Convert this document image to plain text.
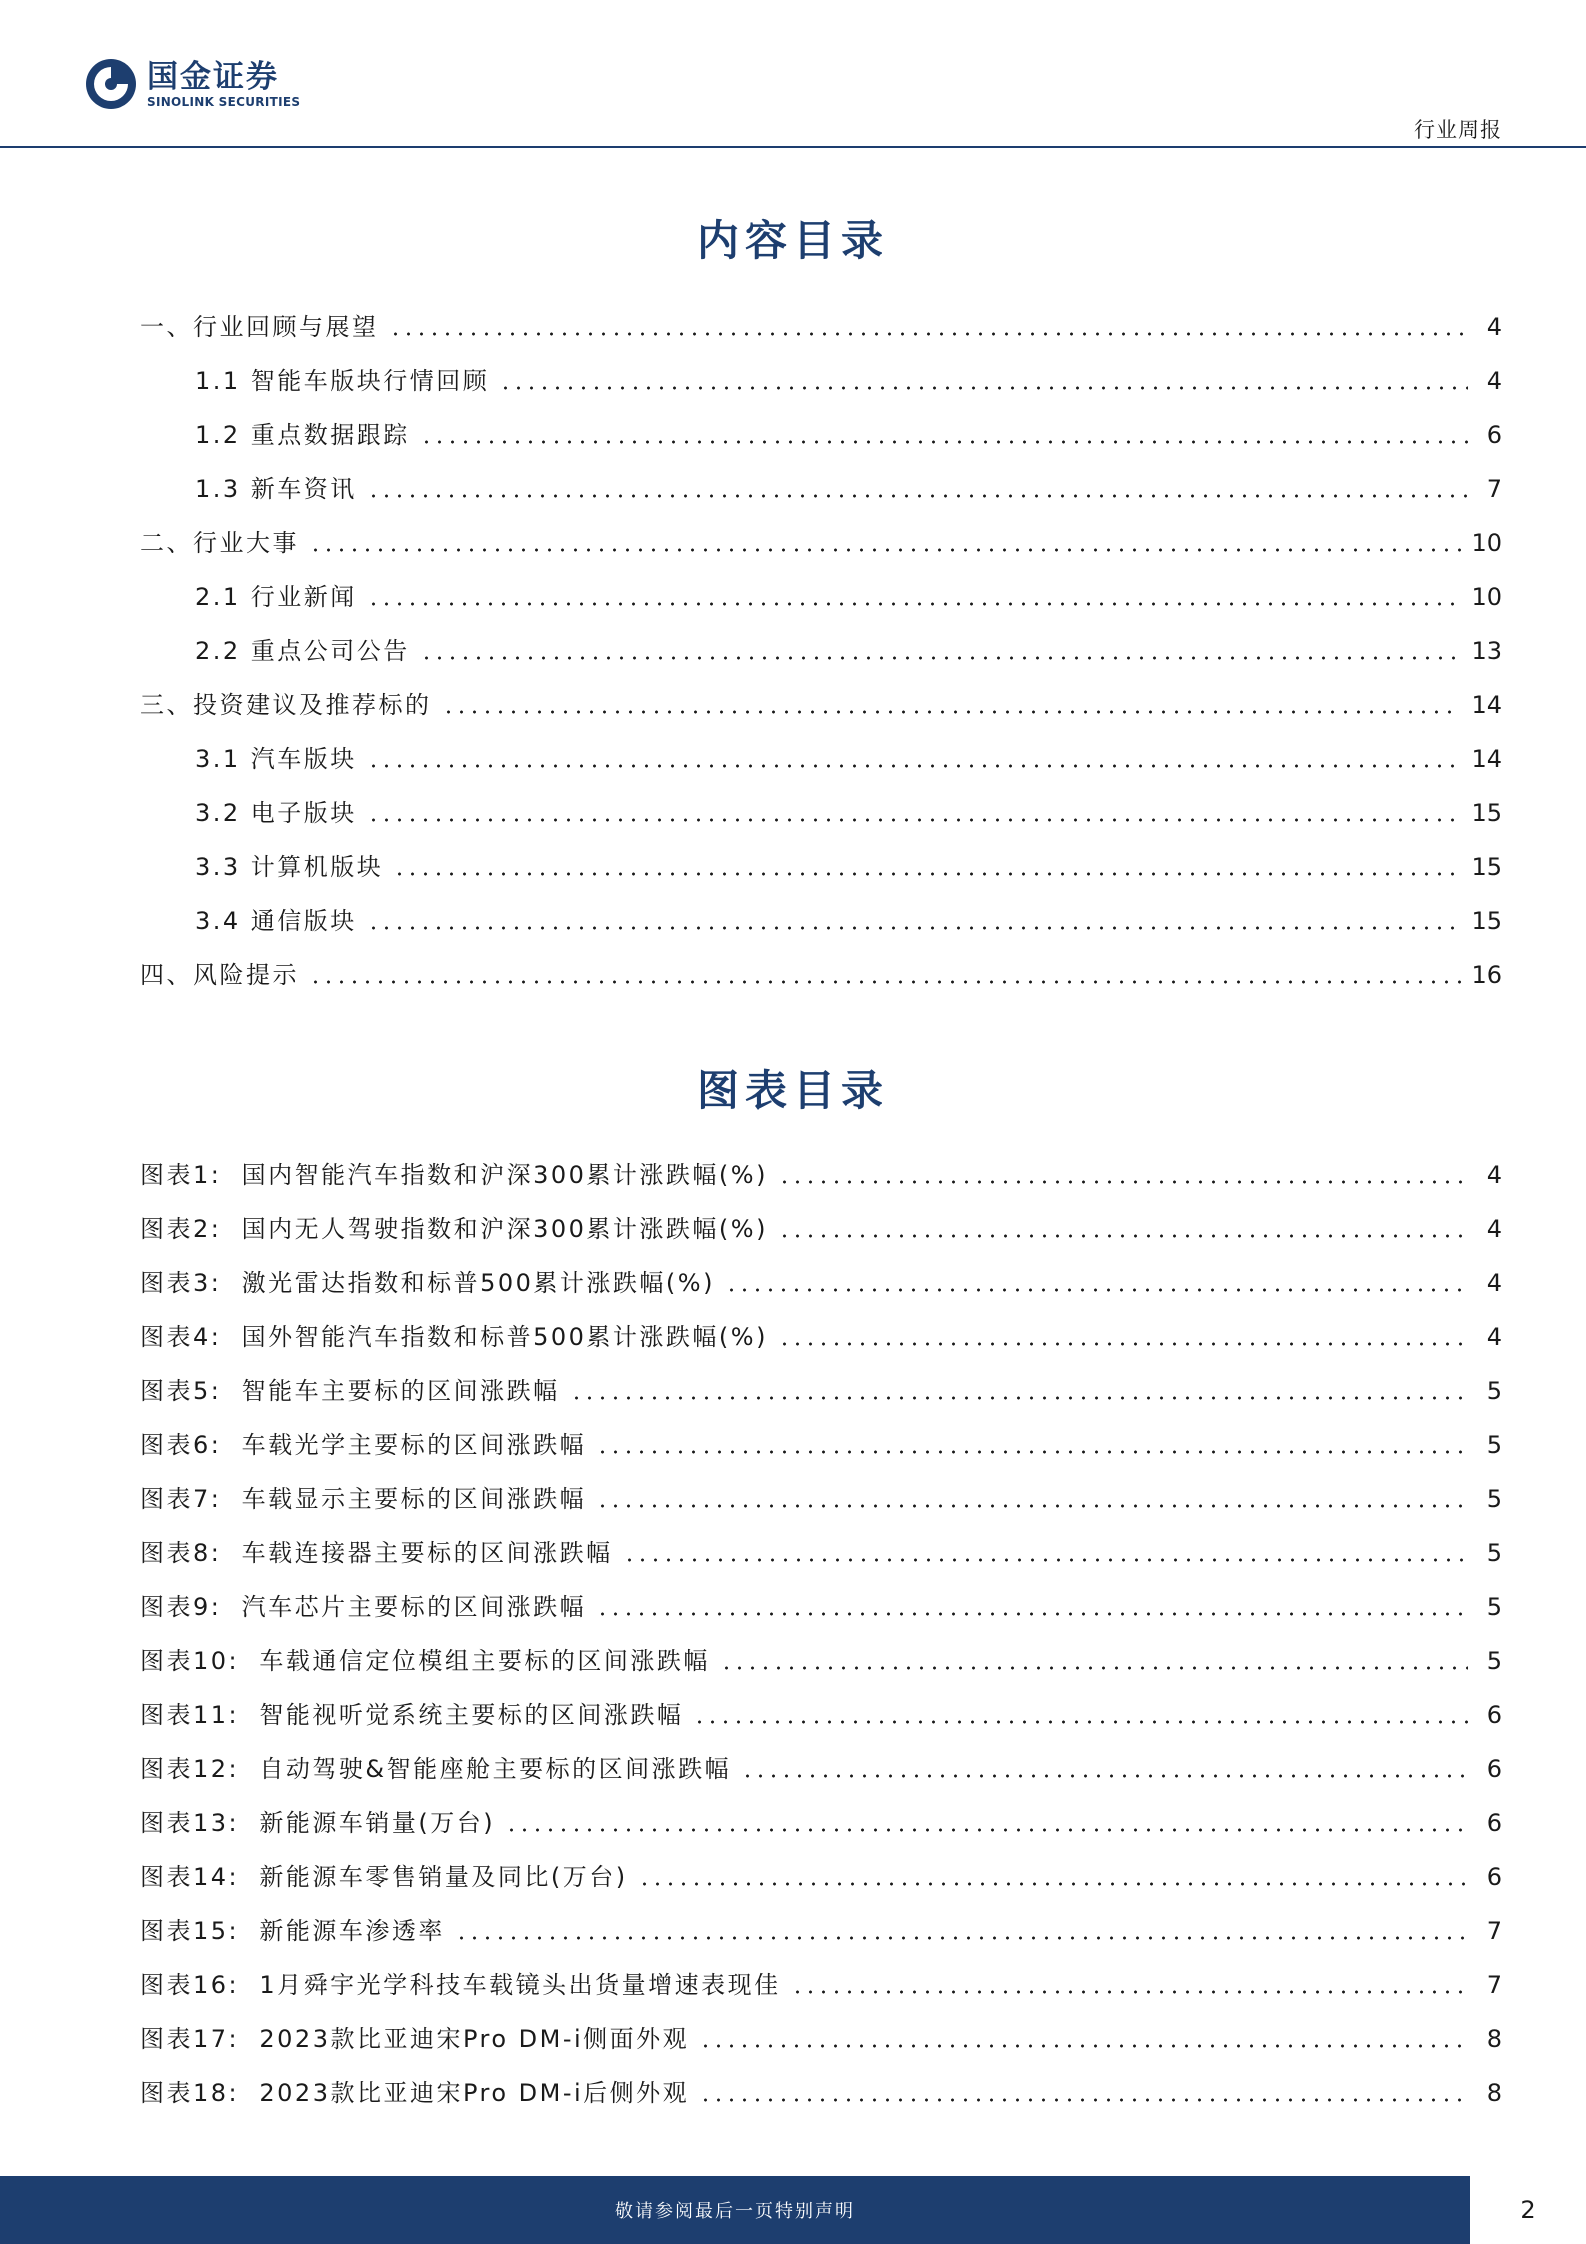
国金证券
SINOLINK SECURITIES
行业周报
内容目录
一、行业回顾与展望	4
1.1 智能车版块行情回顾	4
1.2 重点数据跟踪	6
1.3 新车资讯	7
二、行业大事	10
2.1 行业新闻	10
2.2 重点公司公告	13
三、投资建议及推荐标的	14
3.1 汽车版块	14
3.2 电子版块	15
3.3 计算机版块	15
3.4 通信版块	15
四、风险提示	16
图表目录
图表1:  国内智能汽车指数和沪深300累计涨跌幅(%)	4
图表2:  国内无人驾驶指数和沪深300累计涨跌幅(%)	4
图表3:  激光雷达指数和标普500累计涨跌幅(%)	4
图表4:  国外智能汽车指数和标普500累计涨跌幅(%)	4
图表5:  智能车主要标的区间涨跌幅	5
图表6:  车载光学主要标的区间涨跌幅	5
图表7:  车载显示主要标的区间涨跌幅	5
图表8:  车载连接器主要标的区间涨跌幅	5
图表9:  汽车芯片主要标的区间涨跌幅	5
图表10:  车载通信定位模组主要标的区间涨跌幅	5
图表11:  智能视听觉系统主要标的区间涨跌幅	6
图表12:  自动驾驶&智能座舱主要标的区间涨跌幅	6
图表13:  新能源车销量(万台)	6
图表14:  新能源车零售销量及同比(万台)	6
图表15:  新能源车渗透率	7
图表16:  1月舜宇光学科技车载镜头出货量增速表现佳	7
图表17:  2023款比亚迪宋Pro DM-i侧面外观	8
图表18:  2023款比亚迪宋Pro DM-i后侧外观	8
敬请参阅最后一页特别声明	2
